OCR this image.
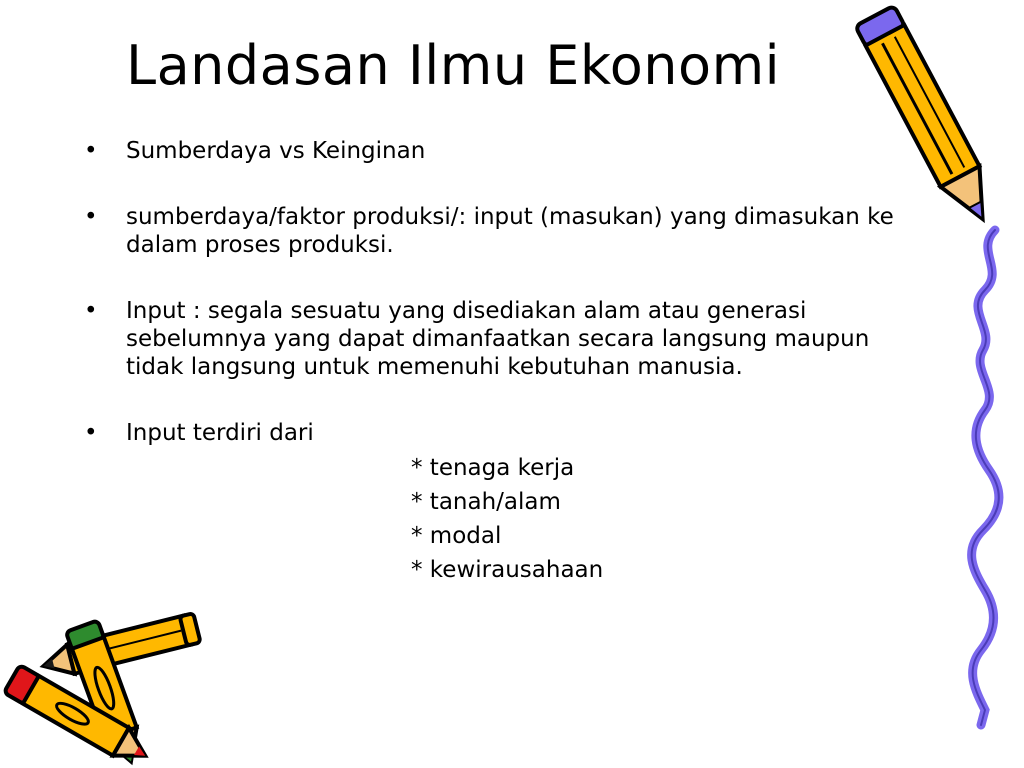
Landasan Ilmu Ekonomi
• Sumberdaya vs Keinginan
• sumberdaya/faktor produksi/: input (masukan) yang dimasukan ke dalam proses produksi.
• Input : segala sesuatu yang disediakan alam atau generasi sebelumnya yang dapat dimanfaatkan secara langsung maupun tidak langsung untuk memenuhi kebutuhan manusia.
• Input terdiri dari
* tenaga kerja
* tanah/alam
* modal
* kewirausahaan
